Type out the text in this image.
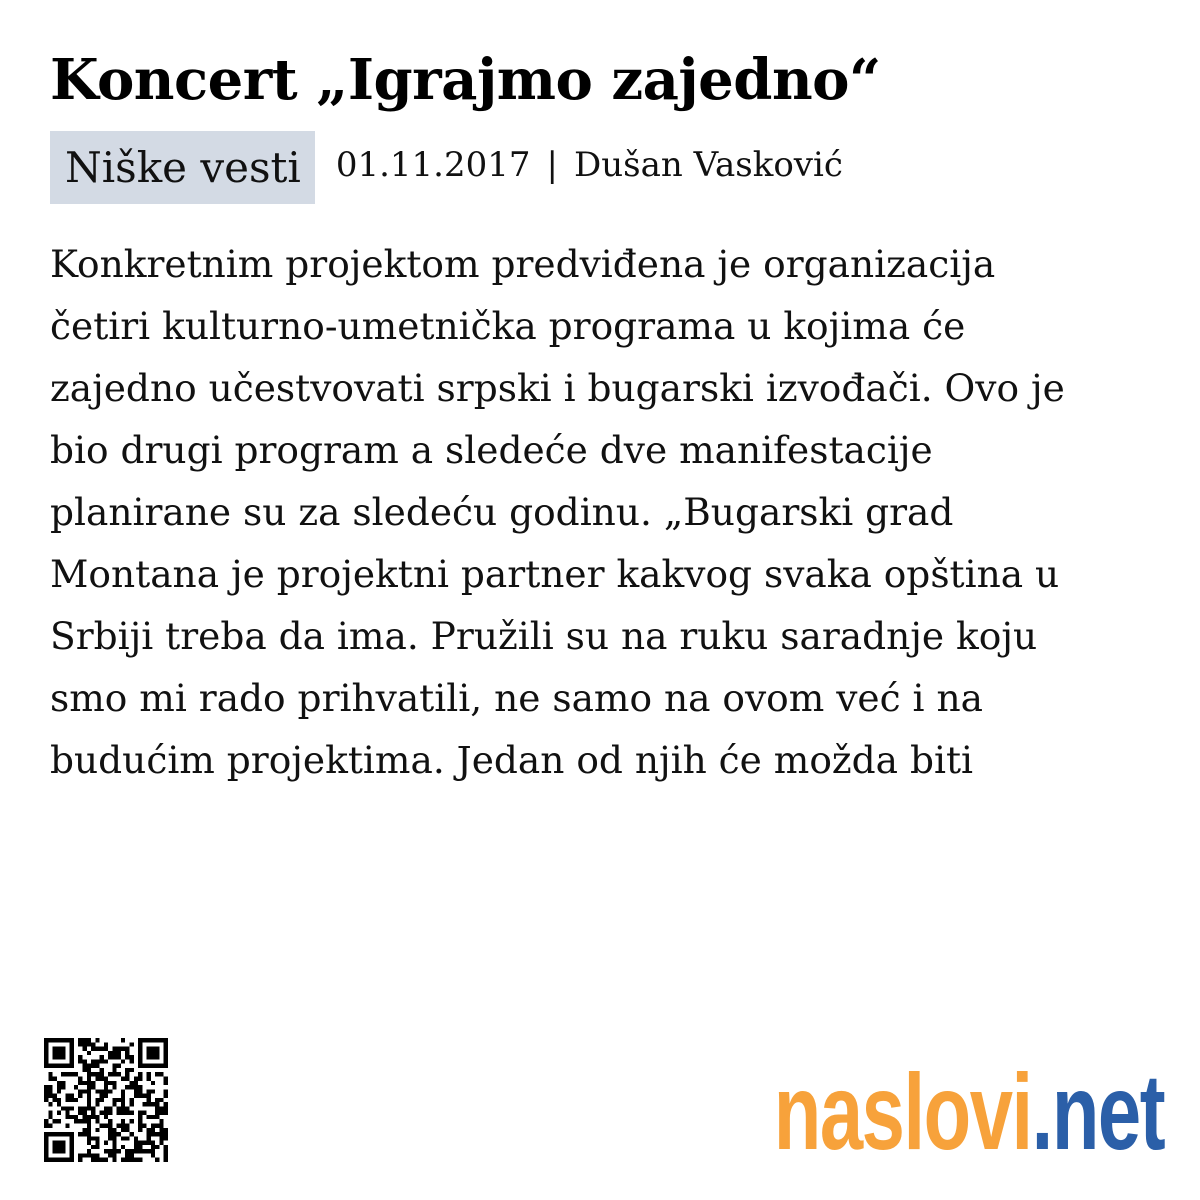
Koncert „Igrajmo zajedno“
Niške vesti	01.11.2017 | Dušan Vasković
Konkretnim projektom predviđena je organizacija
četiri kulturno-umetnička programa u kojima će
zajedno učestvovati srpski i bugarski izvođači. Ovo je
bio drugi program a sledeće dve manifestacije
planirane su za sledeću godinu. „Bugarski grad
Montana je projektni partner kakvog svaka opština u
Srbiji treba da ima. Pružili su na ruku saradnje koju
smo mi rado prihvatili, ne samo na ovom već i na
budućim projektima. Jedan od njih će možda biti
naslovi .net
